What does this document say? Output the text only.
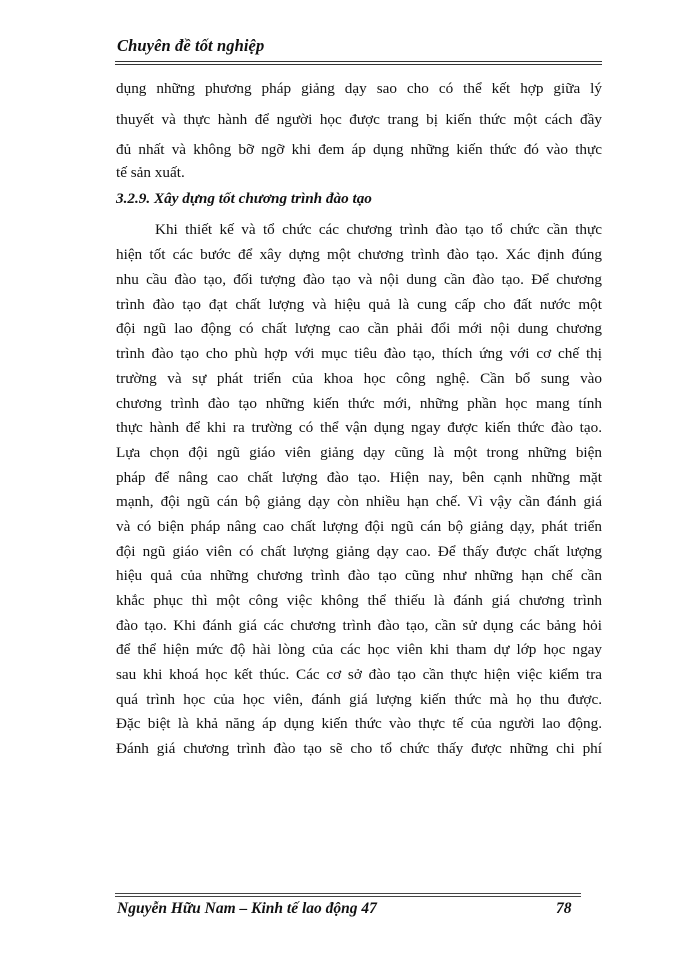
Chuyên đề tốt nghiệp
dụng những phương pháp giảng dạy sao cho có thể kết hợp giữa lý
thuyết và thực hành để người học được trang bị kiến thức một cách đầy
đủ nhất và không bỡ ngỡ khi đem áp dụng những kiến thức đó vào thực
tế sản xuất.
3.2.9. Xây dựng tốt chương trình đào tạo
Khi thiết kế và tổ chức các chương trình đào tạo tổ chức cần thực
hiện tốt các bước để xây dựng một chương trình đào tạo. Xác định đúng
nhu cầu đào tạo, đối tượng đào tạo và nội dung cần đào tạo. Để chương
trình đào tạo đạt chất lượng và hiệu quả là cung cấp cho đất nước một
đội ngũ lao động có chất lượng cao cần phải đổi mới nội dung chương
trình đào tạo cho phù hợp với mục tiêu đào tạo, thích ứng với cơ chế thị
trường và sự phát triển của khoa học công nghệ. Cần bổ sung vào
chương trình đào tạo những kiến thức mới, những phần học mang tính
thực hành để khi ra trường có thể vận dụng ngay được kiến thức đào tạo.
Lựa chọn đội ngũ giáo viên giảng dạy cũng là một trong những biện
pháp để nâng cao chất lượng đào tạo. Hiện nay, bên cạnh những mặt
mạnh, đội ngũ cán bộ giảng dạy còn nhiều hạn chế. Vì vậy cần đánh giá
và có biện pháp nâng cao chất lượng đội ngũ cán bộ giảng dạy, phát triển
đội ngũ giáo viên có chất lượng giảng dạy cao. Để thấy được chất lượng
hiệu quả của những chương trình đào tạo cũng như những hạn chế cần
khắc phục thì một công việc không thể thiếu là đánh giá chương trình
đào tạo. Khi đánh giá các chương trình đào tạo, cần sử dụng các bảng hỏi
để thể hiện mức độ hài lòng của các học viên khi tham dự lớp học ngay
sau khi khoá học kết thúc. Các cơ sở đào tạo cần thực hiện việc kiểm tra
quá trình học của học viên, đánh giá lượng kiến thức mà họ thu được.
Đặc biệt là khả năng áp dụng kiến thức vào thực tế của người lao động.
Đánh giá chương trình đào tạo sẽ cho tổ chức thấy được những chi phí
Nguyễn Hữu Nam – Kinh tế lao động 47	78
